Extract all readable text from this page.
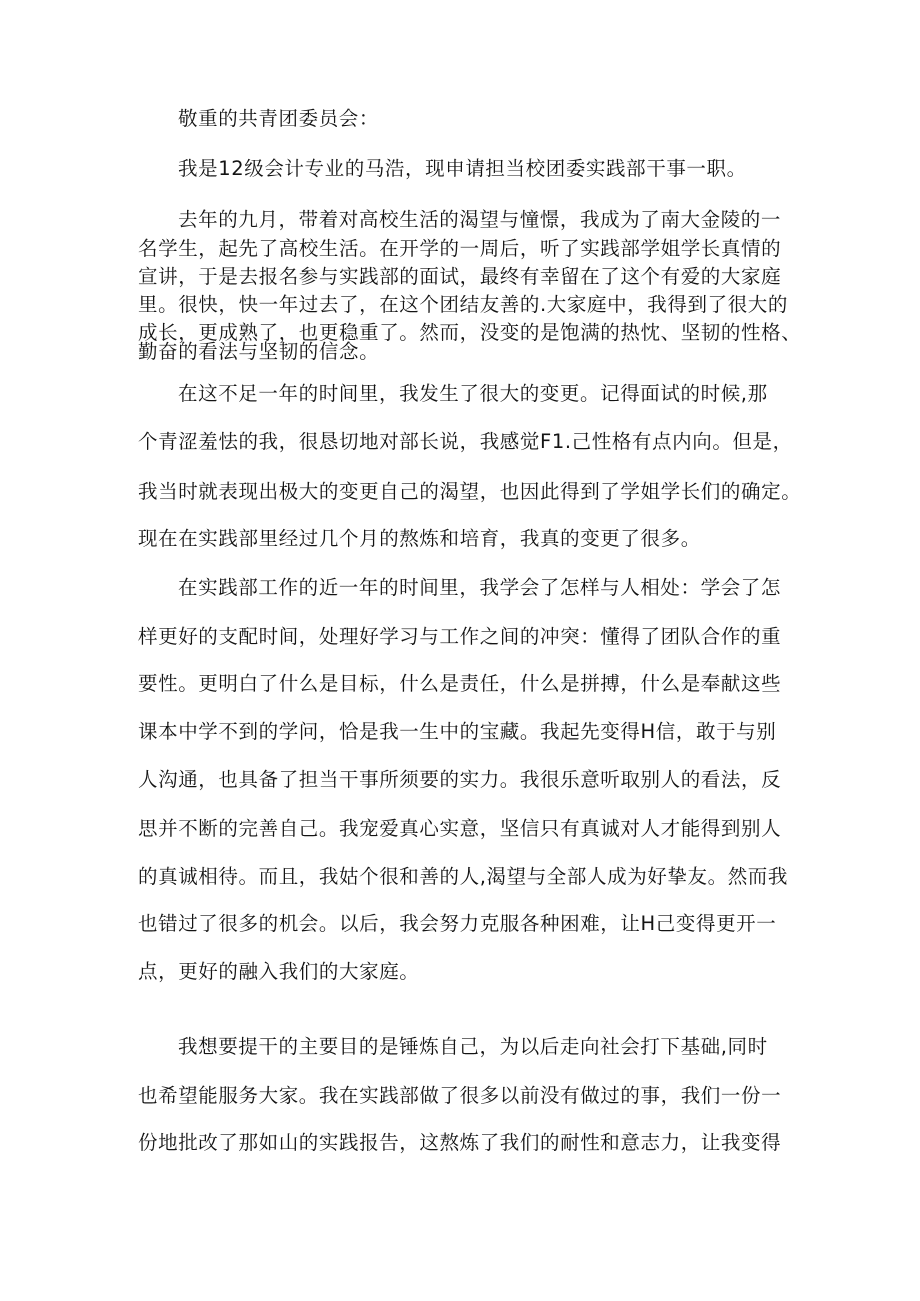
敬重的共青团委员会：
我是12级会计专业的马浩，现申请担当校团委实践部干事一职。
去年的九月，带着对高校生活的渴望与憧憬，我成为了南大金陵的一
名学生，起先了高校生活。在开学的一周后，听了实践部学姐学长真情的
宣讲，于是去报名参与实践部的面试，最终有幸留在了这个有爱的大家庭
里。很快，快一年过去了，在这个团结友善的.大家庭中，我得到了很大的
成长，更成熟了，也更稳重了。然而，没变的是饱满的热忱、坚韧的性格、
勤奋的看法与坚韧的信念。
在这不足一年的时间里，我发生了很大的变更。记得面试的时候,那
个青涩羞怯的我，很恳切地对部长说，我感觉F1.己性格有点内向。但是，
我当时就表现出极大的变更自己的渴望，也因此得到了学姐学长们的确定。
现在在实践部里经过几个月的熬炼和培育，我真的变更了很多。
在实践部工作的近一年的时间里，我学会了怎样与人相处：学会了怎
样更好的支配时间，处理好学习与工作之间的冲突：懂得了团队合作的重
要性。更明白了什么是目标，什么是责任，什么是拼搏，什么是奉献这些
课本中学不到的学问，恰是我一生中的宝藏。我起先变得H信，敢于与别
人沟通，也具备了担当干事所须要的实力。我很乐意听取别人的看法，反
思并不断的完善自己。我宠爱真心实意，坚信只有真诚对人才能得到别人
的真诚相待。而且，我姑个很和善的人,渴望与全部人成为好挚友。然而我
也错过了很多的机会。以后，我会努力克服各种困难，让H己变得更开一
点，更好的融入我们的大家庭。
我想要提干的主要目的是锤炼自己，为以后走向社会打下基础,同时
也希望能服务大家。我在实践部做了很多以前没有做过的事，我们一份一
份地批改了那如山的实践报告，这熬炼了我们的耐性和意志力，让我变得
